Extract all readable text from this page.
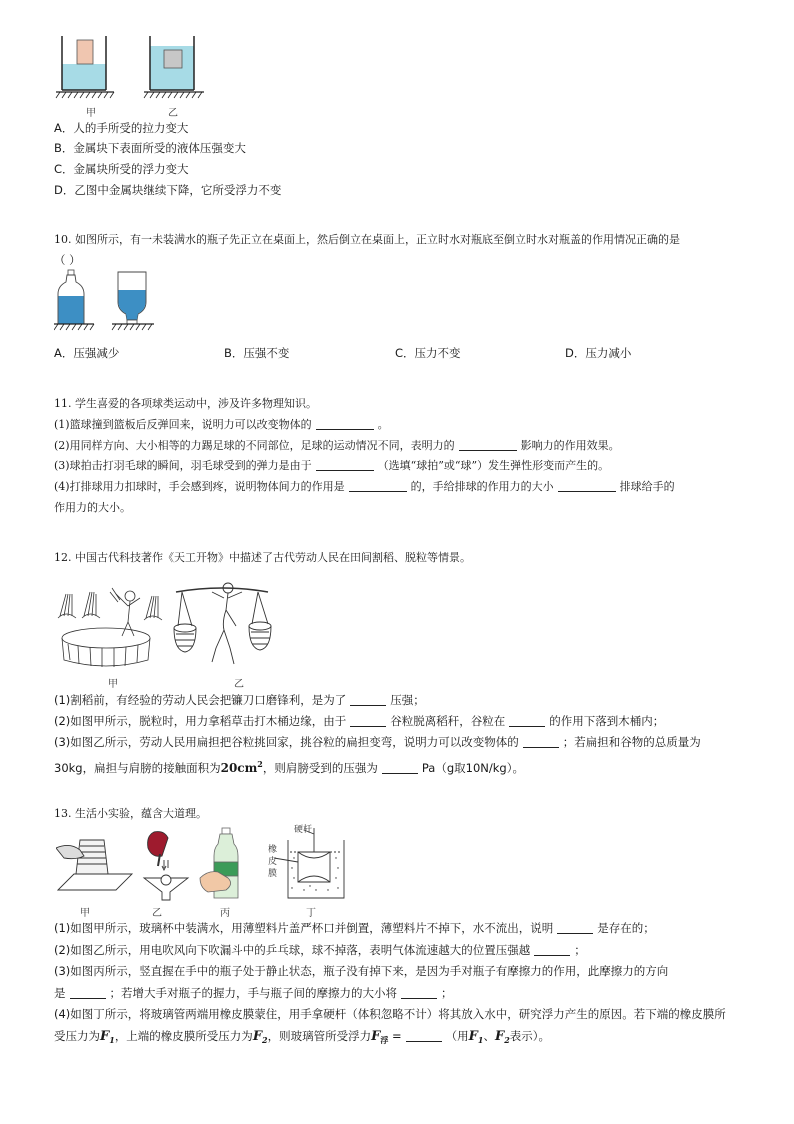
甲	乙
A．人的手所受的拉力变大
B．金属块下表面所受的液体压强变大
C．金属块所受的浮力变大
D．乙图中金属块继续下降，它所受浮力不变
10. 如图所示，有一未装满水的瓶子先正立在桌面上，然后倒立在桌面上，正立时水对瓶底至倒立时水对瓶盖的作用情况正确的是
（ ）
A．压强减少	B．压强不变	C．压力不变	D．压力减小
11. 学生喜爱的各项球类运动中，涉及许多物理知识。
(1)篮球撞到篮板后反弹回来，说明力可以改变物体的	。
(2)用同样方向、大小相等的力踢足球的不同部位，足球的运动情况不同，表明力的	影响力的作用效果。
(3)球拍击打羽毛球的瞬间，羽毛球受到的弹力是由于	（选填“球拍”或“球”）发生弹性形变而产生的。
(4)打排球用力扣球时，手会感到疼，说明物体间力的作用是	的，手给排球的作用力的大小	排球给手的
作用力的大小。
12. 中国古代科技著作《天工开物》中描述了古代劳动人民在田间割稻、脱粒等情景。
甲	乙
(1)割稻前，有经验的劳动人民会把镰刀口磨锋利，是为了	压强；
(2)如图甲所示，脱粒时，用力拿稻草击打木桶边缘，由于	谷粒脱离稻秆，谷粒在	的作用下落到木桶内；
(3)如图乙所示，劳动人民用扁担把谷粒挑回家，挑谷粒的扁担变弯，说明力可以改变物体的	；若扁担和谷物的总质量为
30kg，扁担与肩膀的接触面积为$20cm^2$，则肩膀受到的压强为	Pa（g取10N/kg）。
13. 生活小实验，蕴含大道理。
硬杆
橡
皮
膜
甲	乙	丙	丁
(1)如图甲所示，玻璃杯中装满水，用薄塑料片盖严杯口并倒置，薄塑料片不掉下，水不流出，说明	是存在的；
(2)如图乙所示，用电吹风向下吹漏斗中的乒乓球，球不掉落，表明气体流速越大的位置压强越	；
(3)如图丙所示，竖直握在手中的瓶子处于静止状态，瓶子没有掉下来，是因为手对瓶子有摩擦力的作用，此摩擦力的方向
是	；若增大手对瓶子的握力，手与瓶子间的摩擦力的大小将	；
(4)如图丁所示，将玻璃管两端用橡皮膜蒙住，用手拿硬杆（体积忽略不计）将其放入水中，研究浮力产生的原因。若下端的橡皮膜所
受压力为$F_1$，上端的橡皮膜所受压力为$F_2$，则玻璃管所受浮力$F_浮$ =	（用$F_1$、$F_2$表示）。
